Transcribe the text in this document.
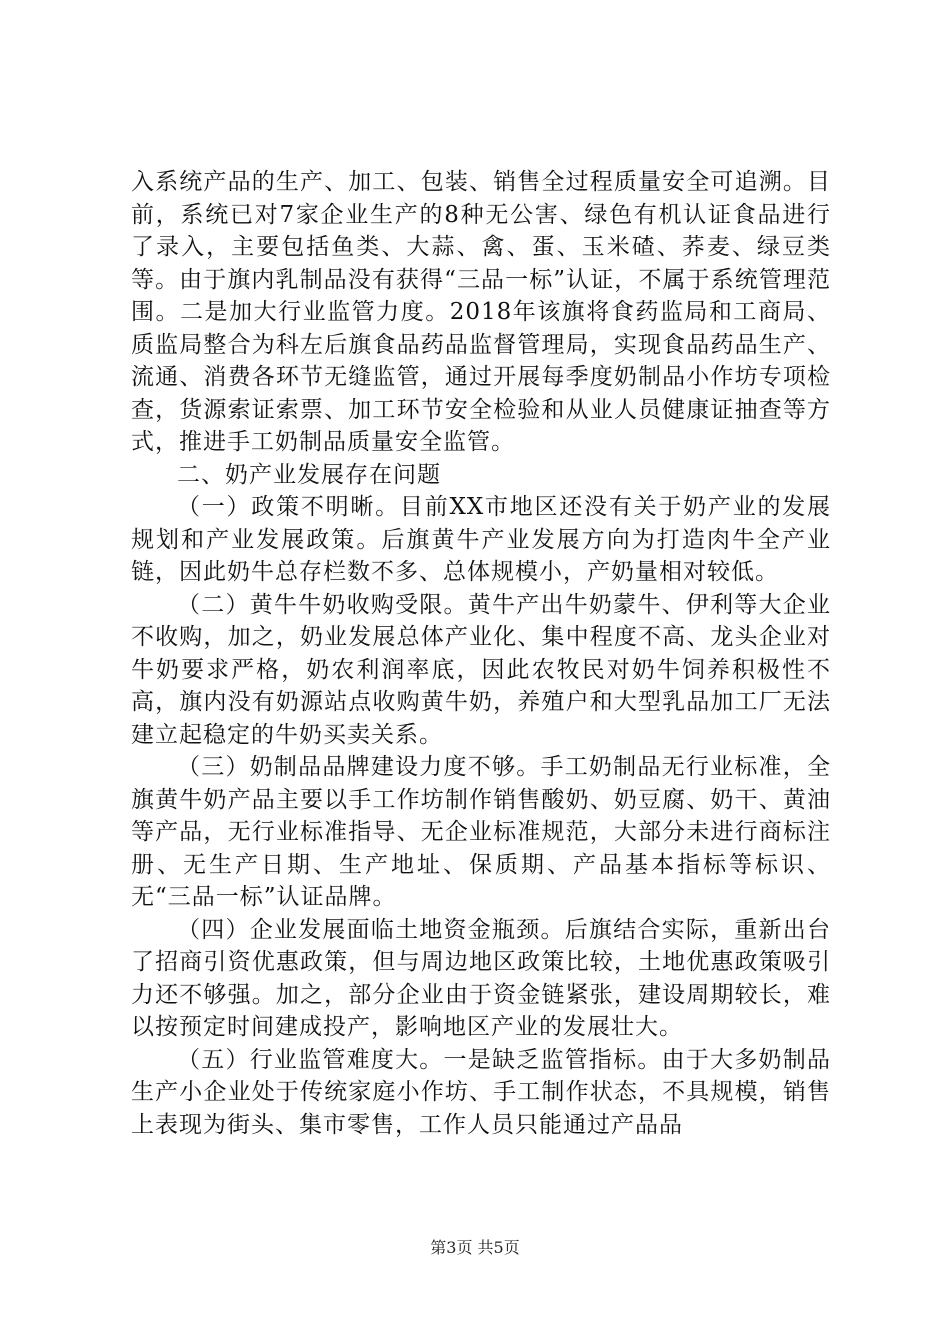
入系统产品的生产、加工、包装、销售全过程质量安全可追溯。目前，系统已对7家企业生产的8种无公害、绿色有机认证食品进行了录入，主要包括鱼类、大蒜、禽、蛋、玉米碴、荞麦、绿豆类等。由于旗内乳制品没有获得“三品一标”认证，不属于系统管理范围。二是加大行业监管力度。2018年该旗将食药监局和工商局、质监局整合为科左后旗食品药品监督管理局，实现食品药品生产、流通、消费各环节无缝监管，通过开展每季度奶制品小作坊专项检查，货源索证索票、加工环节安全检验和从业人员健康证抽查等方式，推进手工奶制品质量安全监管。

二、奶产业发展存在问题

（一）政策不明晰。目前XX市地区还没有关于奶产业的发展规划和产业发展政策。后旗黄牛产业发展方向为打造肉牛全产业链，因此奶牛总存栏数不多、总体规模小，产奶量相对较低。

（二）黄牛牛奶收购受限。黄牛产出牛奶蒙牛、伊利等大企业不收购，加之，奶业发展总体产业化、集中程度不高、龙头企业对牛奶要求严格，奶农利润率底，因此农牧民对奶牛饲养积极性不高，旗内没有奶源站点收购黄牛奶，养殖户和大型乳品加工厂无法建立起稳定的牛奶买卖关系。

（三）奶制品品牌建设力度不够。手工奶制品无行业标准，全旗黄牛奶产品主要以手工作坊制作销售酸奶、奶豆腐、奶干、黄油等产品，无行业标准指导、无企业标准规范，大部分未进行商标注册、无生产日期、生产地址、保质期、产品基本指标等标识、无“三品一标”认证品牌。

（四）企业发展面临土地资金瓶颈。后旗结合实际，重新出台了招商引资优惠政策，但与周边地区政策比较，土地优惠政策吸引力还不够强。加之，部分企业由于资金链紧张，建设周期较长，难以按预定时间建成投产，影响地区产业的发展壮大。

（五）行业监管难度大。一是缺乏监管指标。由于大多奶制品生产小企业处于传统家庭小作坊、手工制作状态，不具规模，销售上表现为街头、集市零售，工作人员只能通过产品品

第3页 共5页
